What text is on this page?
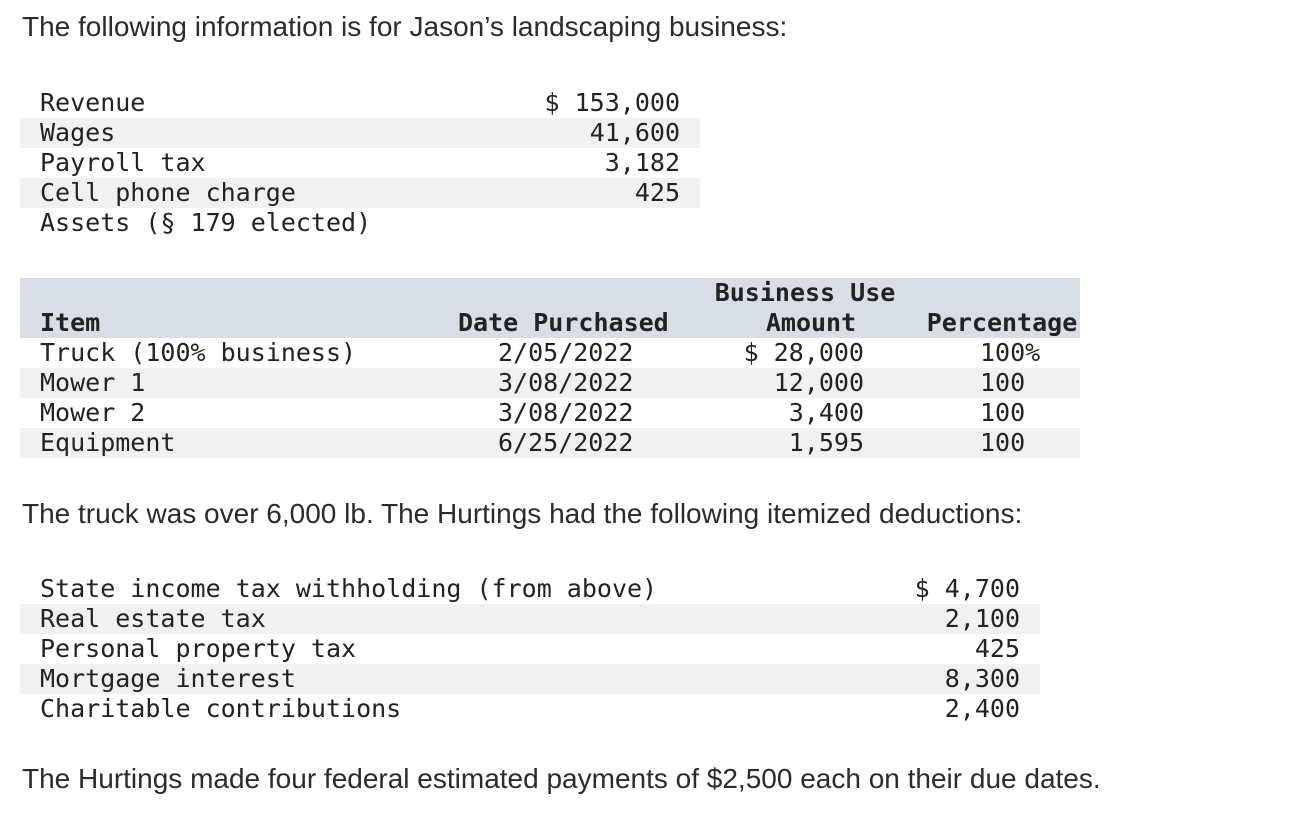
The following information is for Jason’s landscaping business:
Revenue	$ 153,000
Wages	41,600
Payroll tax	3,182
Cell phone charge	425
Assets (§ 179 elected)
Business Use
Item	Date Purchased	Amount	Percentage
Truck (100% business)	2/05/2022	$ 28,000	100%
Mower 1	3/08/2022	12,000	100
Mower 2	3/08/2022	3,400	100
Equipment	6/25/2022	1,595	100
The truck was over 6,000 lb. The Hurtings had the following itemized deductions:
State income tax withholding (from above)	$ 4,700
Real estate tax	2,100
Personal property tax	425
Mortgage interest	8,300
Charitable contributions	2,400
The Hurtings made four federal estimated payments of $2,500 each on their due dates.
